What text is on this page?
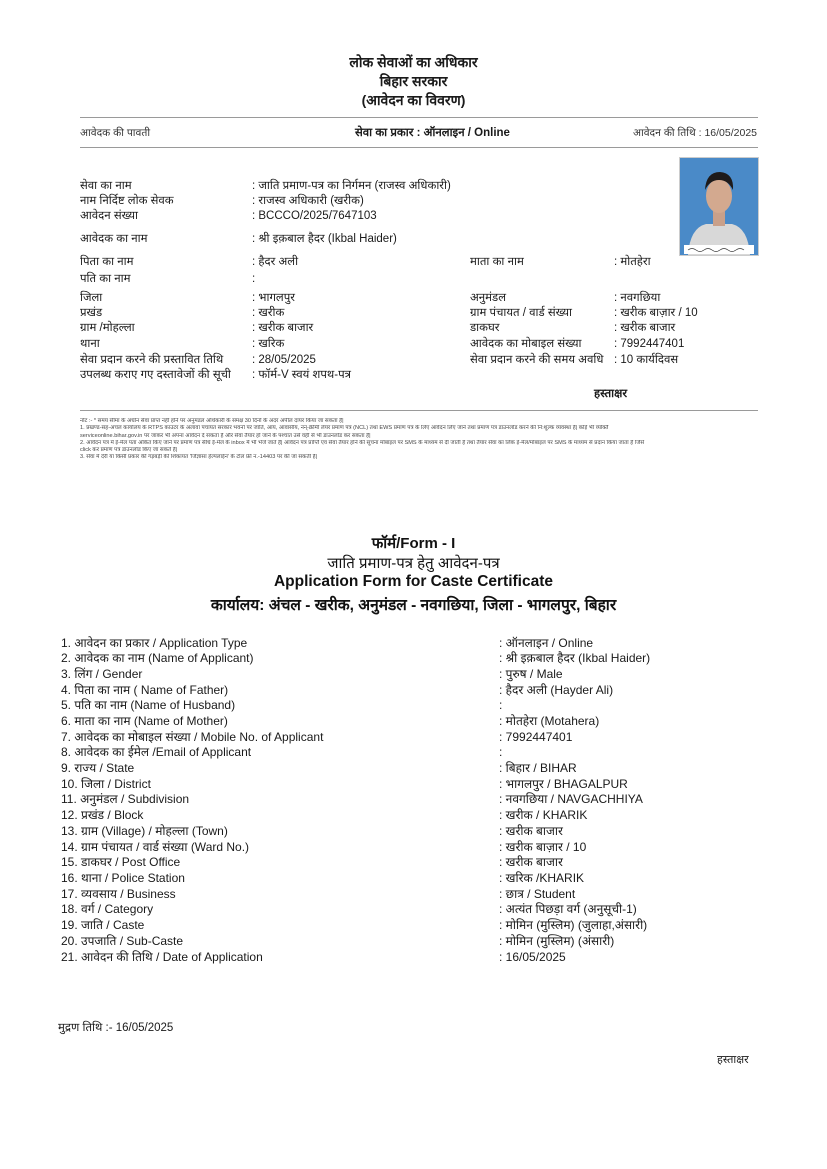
लोक सेवाओं का अधिकार
बिहार सरकार
(आवेदन का विवरण)
आवेदक की पावती	सेवा का प्रकार : ऑनलाइन / Online	आवेदन की तिथि : 16/05/2025
सेवा का नाम	: जाति प्रमाण-पत्र का निर्गमन (राजस्व अधिकारी)
नाम निर्दिष्ट लोक सेवक	: राजस्व अधिकारी (खरीक)
आवेदन संख्या	: BCCCO/2025/7647103
आवेदक का नाम	: श्री इक़बाल हैदर (Ikbal Haider)
पिता का नाम	: हैदर अली	माता का नाम	: मोतहेरा
पति का नाम	:
जिला	: भागलपुर	अनुमंडल	: नवगछिया
प्रखंड	: खरीक	ग्राम पंचायत / वार्ड संख्या	: खरीक बाज़ार / 10
ग्राम /मोहल्ला	: खरीक बाजार	डाकघर	: खरीक बाजार
थाना	: खरिक	आवेदक का मोबाइल संख्या	: 7992447401
सेवा प्रदान करने की प्रस्तावित तिथि	: 28/05/2025	सेवा प्रदान करने की समय अवधि : 10 कार्यदिवस
उपलब्ध कराए गए दस्तावेजों की सूची : फॉर्म-V स्वयं शपथ-पत्र
हस्ताक्षर
नोट :- * समय सीमा के अधीन सेवा प्राप्त नहीं होने पर अनुमंडल अधिकारी के समक्ष 30 दिनों के अंदर अपील दायर किया जा सकता है|
1. प्रखण्ड-सह-अंचल कार्यालय के RTPS काउंटर के अलावा पंचायत सरकार भवनों पर जाति, आय, आवासीय, नन्-क्रीमी लेयर प्रमाण पत्र (NCL) तथा EWS प्रमाण पत्र के लिए आवेदन लिए जाने तथा प्रमाण पत्र डाउनलोड करने की नि:शुल्क व्यवस्था है| कोई भी व्यक्ति
serviceonline.bihar.gov.in पर जाकर भी अपना आवेदन दे सकता है और सेवा तैयार हो जाने के पश्चात उसे वहीं से भी डाउनलोड कर सकता है|
2. आवेदन पत्र में ई-मेल पता अंकित किए जाने पर प्रमाण पत्र सीधे ई-मेल के inbox में भी भेजे जाते हैं| आवेदन पत्र प्राप्ति एवं सेवा तैयार होने की सूचना मोबाइल पर SMS के माध्यम से दी जाती है तथा तैयार सेवा का लिंक ई-मेल/मोबाइल पर SMS के माध्यम से प्रदान किया जाता है जिसे
click कर प्रमाण पत्र डाउनलोड किए जा सकते हैं|
3. सेवा में देरी या किसी प्रकार की गड़बड़ी की शिकायत 'जिज्ञासा हेल्पलाईन' के टोल फ्री नं.-14403 पर की जा सकती है|
फॉर्म/Form - I
जाति प्रमाण-पत्र हेतु आवेदन-पत्र
Application Form for Caste Certificate
कार्यालय: अंचल - खरीक, अनुमंडल - नवगछिया, जिला - भागलपुर, बिहार
1. आवेदन का प्रकार / Application Type	: ऑनलाइन / Online
2. आवेदक का नाम (Name of Applicant)	: श्री इक़बाल हैदर (Ikbal Haider)
3. लिंग / Gender	: पुरुष / Male
4. पिता का नाम ( Name of Father)	: हैदर अली (Hayder Ali)
5. पति का नाम (Name of Husband)	:
6. माता का नाम (Name of Mother)	: मोतहेरा (Motahera)
7. आवेदक का मोबाइल संख्या / Mobile No. of Applicant	: 7992447401
8. आवेदक का ईमेल /Email of Applicant	:
9. राज्य / State	: बिहार / BIHAR
10. जिला / District	: भागलपुर / BHAGALPUR
11. अनुमंडल / Subdivision	: नवगछिया / NAVGACHHIYA
12. प्रखंड / Block	: खरीक / KHARIK
13. ग्राम (Village) / मोहल्ला (Town)	: खरीक बाजार
14. ग्राम पंचायत / वार्ड संख्या (Ward No.)	: खरीक बाज़ार / 10
15. डाकघर / Post Office	: खरीक बाजार
16. थाना / Police Station	: खरिक /KHARIK
17. व्यवसाय / Business	: छात्र / Student
18. वर्ग / Category	: अत्यंत पिछड़ा वर्ग (अनुसूची-1)
19. जाति / Caste	: मोमिन (मुस्लिम) (जुलाहा,अंसारी)
20. उपजाति / Sub-Caste	: मोमिन (मुस्लिम) (अंसारी)
21. आवेदन की तिथि / Date of Application	: 16/05/2025
मुद्रण तिथि :- 16/05/2025
हस्ताक्षर
